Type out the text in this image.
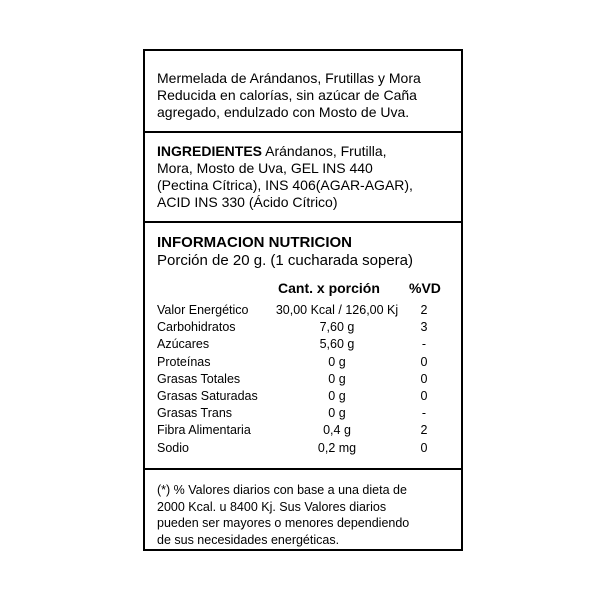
Mermelada de Arándanos, Frutillas y Mora
Reducida en calorías, sin azúcar de Caña
agregado, endulzado con Mosto de Uva.
INGREDIENTES Arándanos, Frutilla,
Mora, Mosto de Uva, GEL INS 440
(Pectina Cítrica), INS 406(AGAR-AGAR),
ACID INS 330 (Ácido Cítrico)
INFORMACION NUTRICION
Porción de 20 g. (1 cucharada sopera)
Cant. x porción	%VD
Valor Energético	30,00 Kcal / 126,00 Kj	2
Carbohidratos	7,60 g	3
Azúcares	5,60 g	-
Proteínas	0 g	0
Grasas Totales	0 g	0
Grasas Saturadas	0 g	0
Grasas Trans	0 g	-
Fibra Alimentaria	0,4 g	2
Sodio	0,2 mg	0
(*) % Valores diarios con base a una dieta de
2000 Kcal. u 8400 Kj. Sus Valores diarios
pueden ser mayores o menores dependiendo
de sus necesidades energéticas.
